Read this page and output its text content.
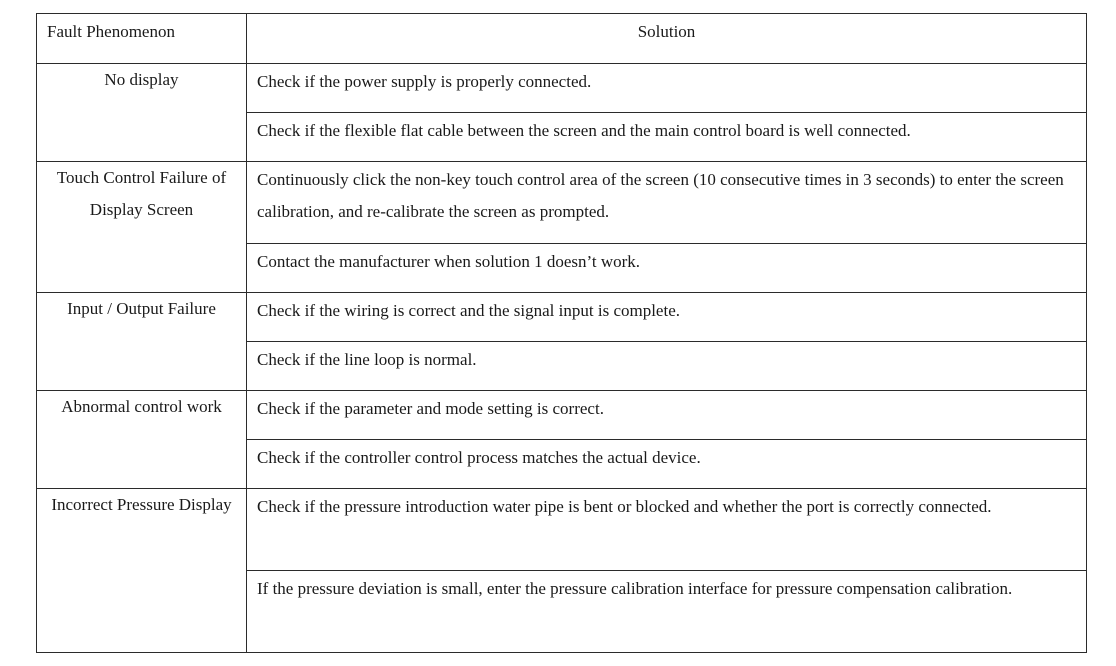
Fault Phenomenon	Solution

No display	Check if the power supply is properly connected.

	Check if the flexible flat cable between the screen and the main control board is well connected.

Touch Control Failure of Display Screen	Continuously click the non-key touch control area of the screen (10 consecutive times in 3 seconds) to enter the screen calibration, and re-calibrate the screen as prompted.

	Contact the manufacturer when solution 1 doesn’t work.

Input / Output Failure	Check if the wiring is correct and the signal input is complete.

	Check if the line loop is normal.

Abnormal control work	Check if the parameter and mode setting is correct.

	Check if the controller control process matches the actual device.

Incorrect Pressure Display	Check if the pressure introduction water pipe is bent or blocked and whether the port is correctly connected.

	If the pressure deviation is small, enter the pressure calibration interface for pressure compensation calibration.
